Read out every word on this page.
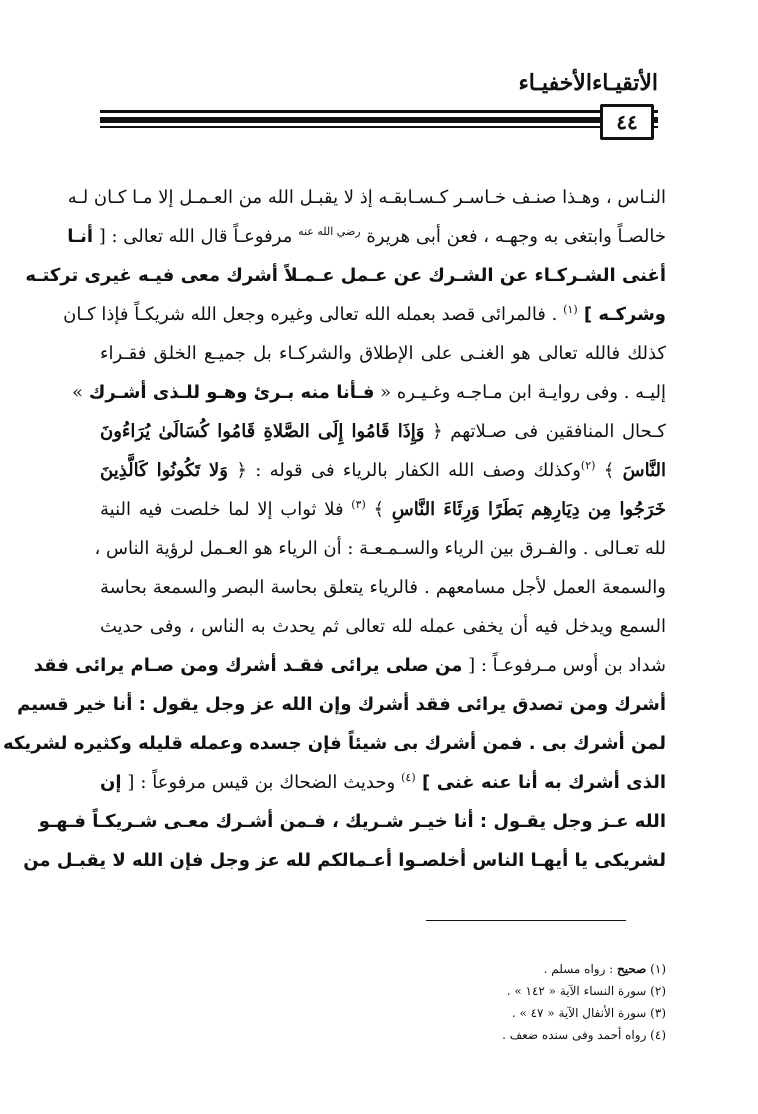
الأتقيـاءالأخفيـاء
٤٤
النـاس ، وهـذا صنـف خـاسـر كـسـابقـه إذ لا يقبـل الله من العـمـل إلا مـا كـان لـه
خالصـاً وابتغى به وجهـه ، فعن أبى هريرة $^{رضي الله عنه}$ مرفوعـاً قال الله تعالى : [ أنـا
أغنى الشـركـاء عن الشـرك عن عـمل عـمـلاً أشرك معى فيـه غيرى تركتـه
وشركـه ] $^{(١)}$ . فالمرائى قصد بعمله الله تعالى وغيره وجعل الله شريكـاً فإذا كـان
كذلك فالله تعالى هو الغنـى على الإطلاق والشركـاء بل جميـع الخلق فقـراء
إليـه . وفى روايـة ابن مـاجـه وغـيـره « فـأنا منه بـرئ وهـو للـذى أشـرك »
كـحال المنافقين فى صـلاتهم ﴿ وَإِذَا قَامُوا إِلَى الصَّلاةِ قَامُوا كُسَالَىٰ يُرَاءُونَ
النَّاسَ ﴾ $^{(٢)}$وكذلك وصف الله الكفار بالرياء فى قوله : ﴿ وَلا تَكُونُوا كَالَّذِينَ
خَرَجُوا مِن دِيَارِهِم بَطَرًا وَرِئَاءَ النَّاسِ ﴾ $^{(٣)}$ فلا ثواب إلا لما خلصت فيه النية
لله تعـالى . والفـرق بين الرياء والسـمـعـة : أن الرياء هو العـمل لرؤية الناس ،
والسمعة العمل لأجل مسامعهم . فالرياء يتعلق بحاسة البصر والسمعة بحاسة
السمع ويدخل فيه أن يخفى عمله لله تعالى ثم يحدث به الناس ، وفى حديث
شداد بن أوس مـرفوعـاً : [ من صلى يرائى فقـد أشرك ومن صـام يرائى فقد
أشرك ومن تصدق يرائى فقد أشرك وإن الله عز وجل يقول : أنا خير قسيم
لمن أشرك بى . فمن أشرك بى شيئاً فإن جسده وعمله قليله وكثيره لشريكه
الذى أشرك به أنا عنه غنى ] $^{(٤)}$ وحديث الضحاك بن قيس مرفوعاً : [ إن
الله عـز وجل يقـول : أنا خيـر شـريك ، فـمن أشـرك معـى شـريكـاً فـهـو
لشريكى يا أيهـا الناس أخلصـوا أعـمالكم لله عز وجل فإن الله لا يقبـل من
(١) صحيح : رواه مسلم .
(٢) سورة النساء الآية « ١٤٢ » .
(٣) سورة الأنفال الآية « ٤٧ » .
(٤) رواه أحمد وفى سنده ضعف .
